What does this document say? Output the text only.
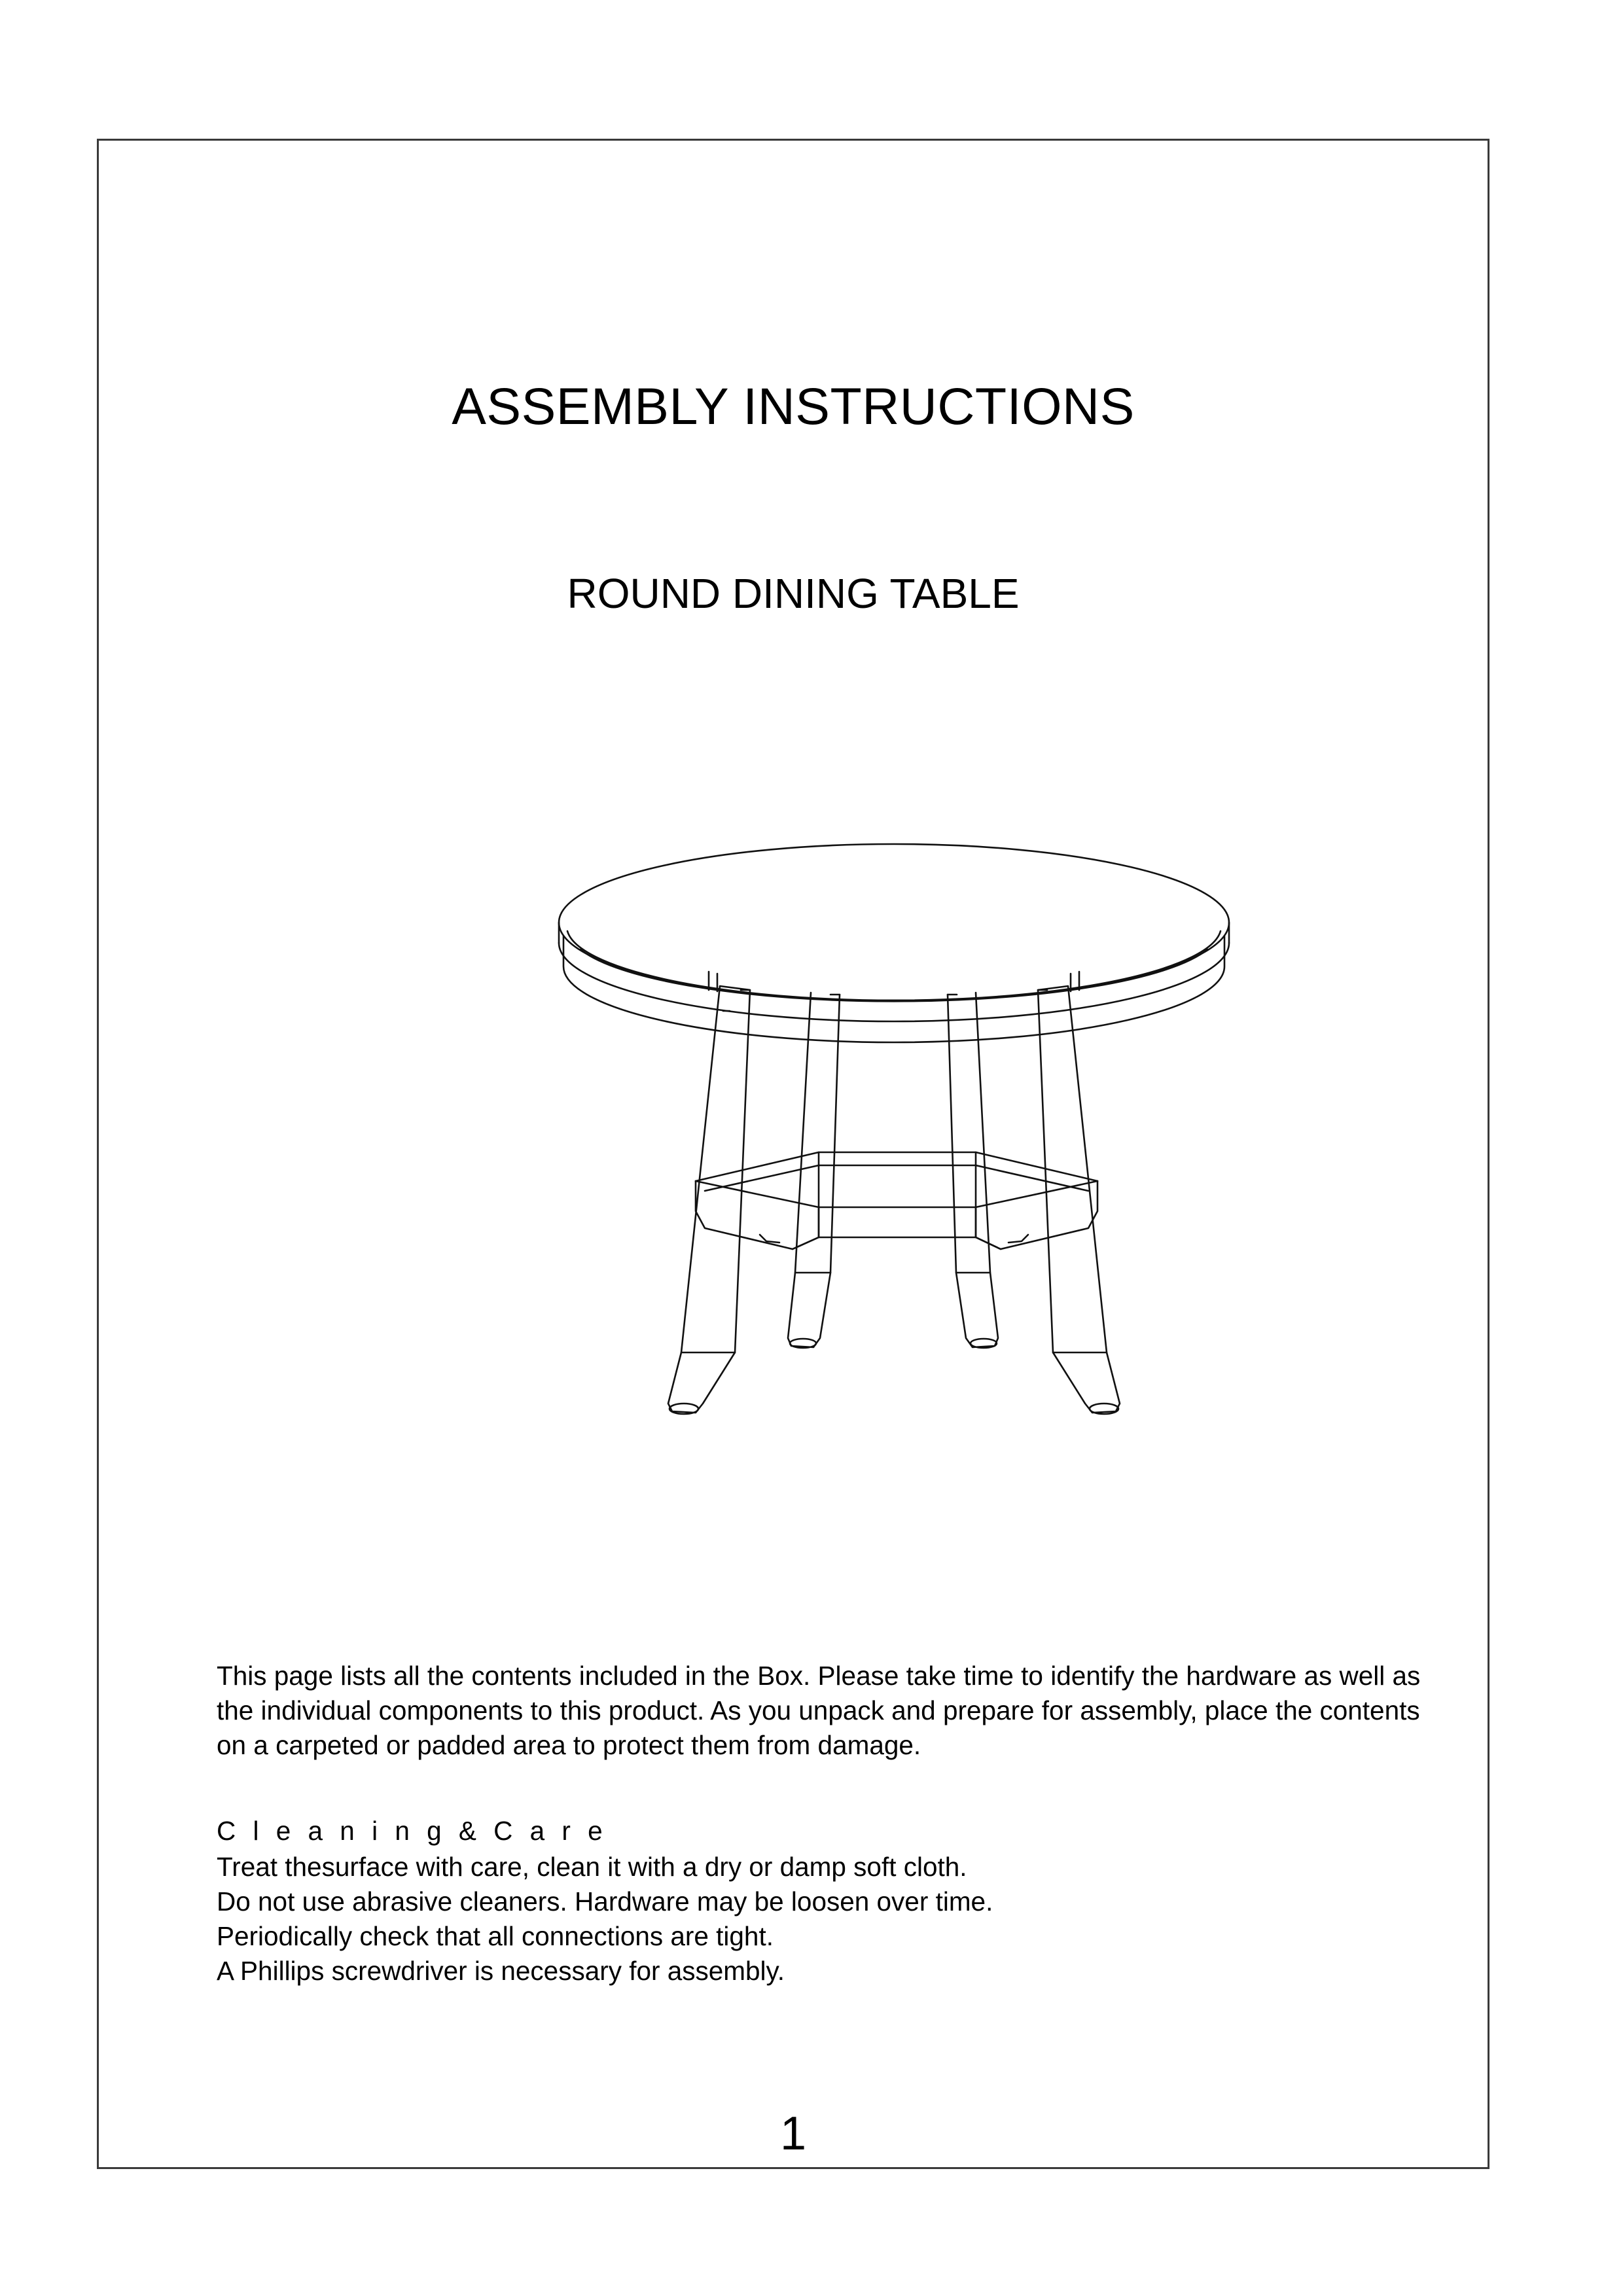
ASSEMBLY INSTRUCTIONS
ROUND DINING TABLE
This page lists all the contents included in the Box. Please take time to identify the hardware as well as the individual components to this product. As you unpack and prepare for assembly, place the contents on a carpeted or padded area to protect them from damage.
C l e a n i n g & C a r e
Treat thesurface with care, clean it with a dry or damp soft cloth.
Do not use abrasive cleaners. Hardware may be loosen over time.
Periodically check that all connections are tight.
A Phillips screwdriver is necessary for assembly.
1
